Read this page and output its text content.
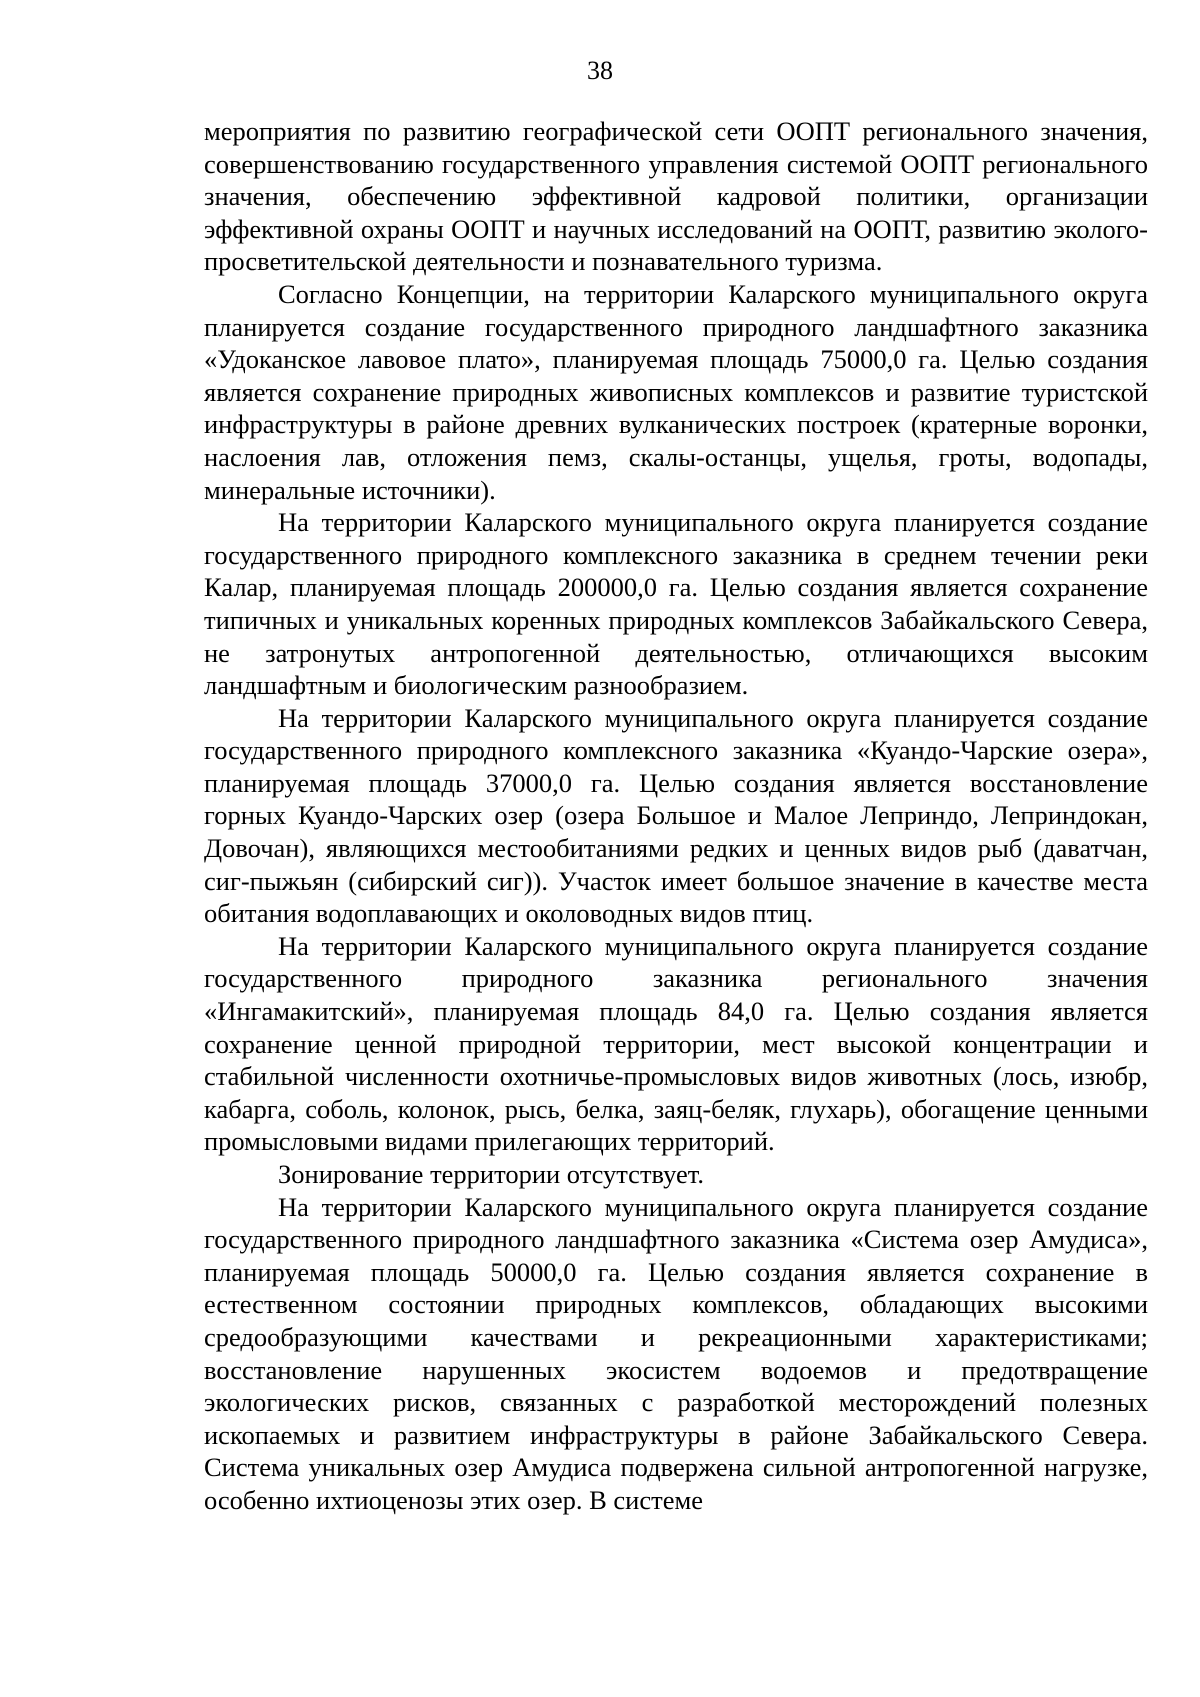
38

мероприятия по развитию географической сети ООПТ регионального значения, совершенствованию государственного управления системой ООПТ регионального значения, обеспечению эффективной кадровой политики, организации эффективной охраны ООПТ и научных исследований на ООПТ, развитию эколого-просветительской деятельности и познавательного туризма.

Согласно Концепции, на территории Каларского муниципального округа планируется создание государственного природного ландшафтного заказника «Удоканское лавовое плато», планируемая площадь 75000,0 га. Целью создания является сохранение природных живописных комплексов и развитие туристской инфраструктуры в районе древних вулканических построек (кратерные воронки, наслоения лав, отложения пемз, скалы-останцы, ущелья, гроты, водопады, минеральные источники).

На территории Каларского муниципального округа планируется создание государственного природного комплексного заказника в среднем течении реки Калар, планируемая площадь 200000,0 га. Целью создания является сохранение типичных и уникальных коренных природных комплексов Забайкальского Севера, не затронутых антропогенной деятельностью, отличающихся высоким ландшафтным и биологическим разнообразием.

На территории Каларского муниципального округа планируется создание государственного природного комплексного заказника «Куандо-Чарские озера», планируемая площадь 37000,0 га. Целью создания является восстановление горных Куандо-Чарских озер (озера Большое и Малое Леприндо, Леприндокан, Довочан), являющихся местообитаниями редких и ценных видов рыб (даватчан, сиг-пыжьян (сибирский сиг)). Участок имеет большое значение в качестве места обитания водоплавающих и околоводных видов птиц.

На территории Каларского муниципального округа планируется создание государственного природного заказника регионального значения «Ингамакитский», планируемая площадь 84,0 га. Целью создания является сохранение ценной природной территории, мест высокой концентрации и стабильной численности охотничье-промысловых видов животных (лось, изюбр, кабарга, соболь, колонок, рысь, белка, заяц-беляк, глухарь), обогащение ценными промысловыми видами прилегающих территорий.

Зонирование территории отсутствует.

На территории Каларского муниципального округа планируется создание государственного природного ландшафтного заказника «Система озер Амудиса», планируемая площадь 50000,0 га. Целью создания является сохранение в естественном состоянии природных комплексов, обладающих высокими средообразующими качествами и рекреационными характеристиками; восстановление нарушенных экосистем водоемов и предотвращение экологических рисков, связанных с разработкой месторождений полезных ископаемых и развитием инфраструктуры в районе Забайкальского Севера. Система уникальных озер Амудиса подвержена сильной антропогенной нагрузке, особенно ихтиоценозы этих озер. В системе
